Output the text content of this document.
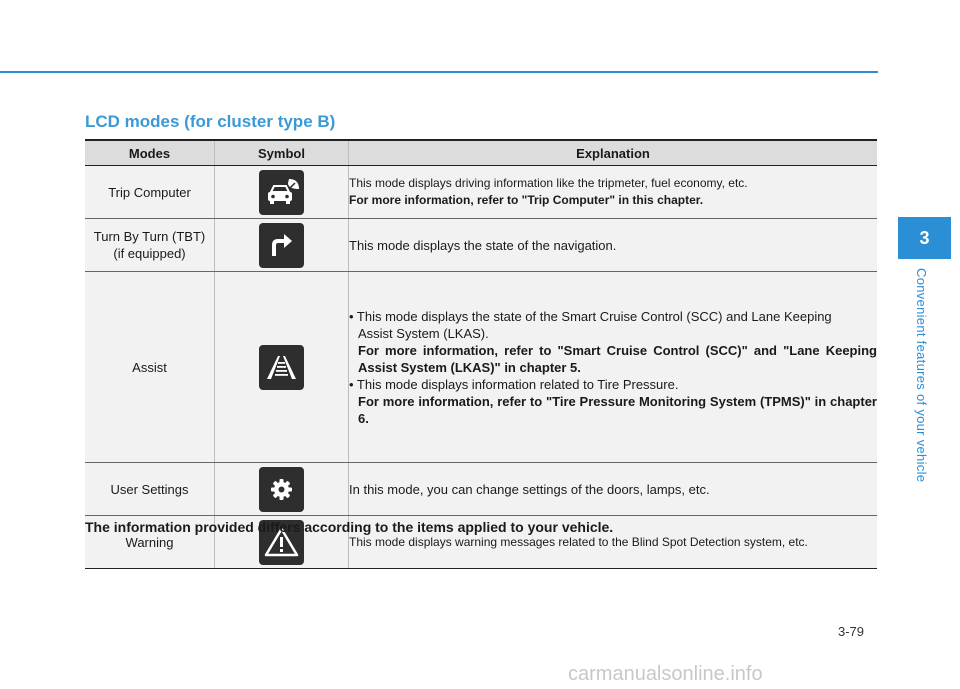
LCD modes (for cluster type B)
Modes	Symbol	Explanation
Trip Computer		This mode displays driving information like the tripmeter, fuel economy, etc.
For more information, refer to "Trip Computer" in this chapter.

Turn By Turn (TBT)
(if equipped)		This mode displays the state of the navigation.

Assist		• This mode displays the state of the Smart Cruise Control (SCC) and Lane Keeping
Assist System (LKAS).
For more information, refer to "Smart Cruise Control (SCC)" and "Lane Keeping Assist System (LKAS)" in chapter 5.
• This mode displays information related to Tire Pressure.
For more information, refer to "Tire Pressure Monitoring System (TPMS)" in chapter 6.

User Settings		In this mode, you can change settings of the doors, lamps, etc.

Warning		This mode displays warning messages related to the Blind Spot Detection system, etc.
The information provided differs according to the items applied to your vehicle.
3
Convenient features of your vehicle
3-79
carmanualsonline.info
